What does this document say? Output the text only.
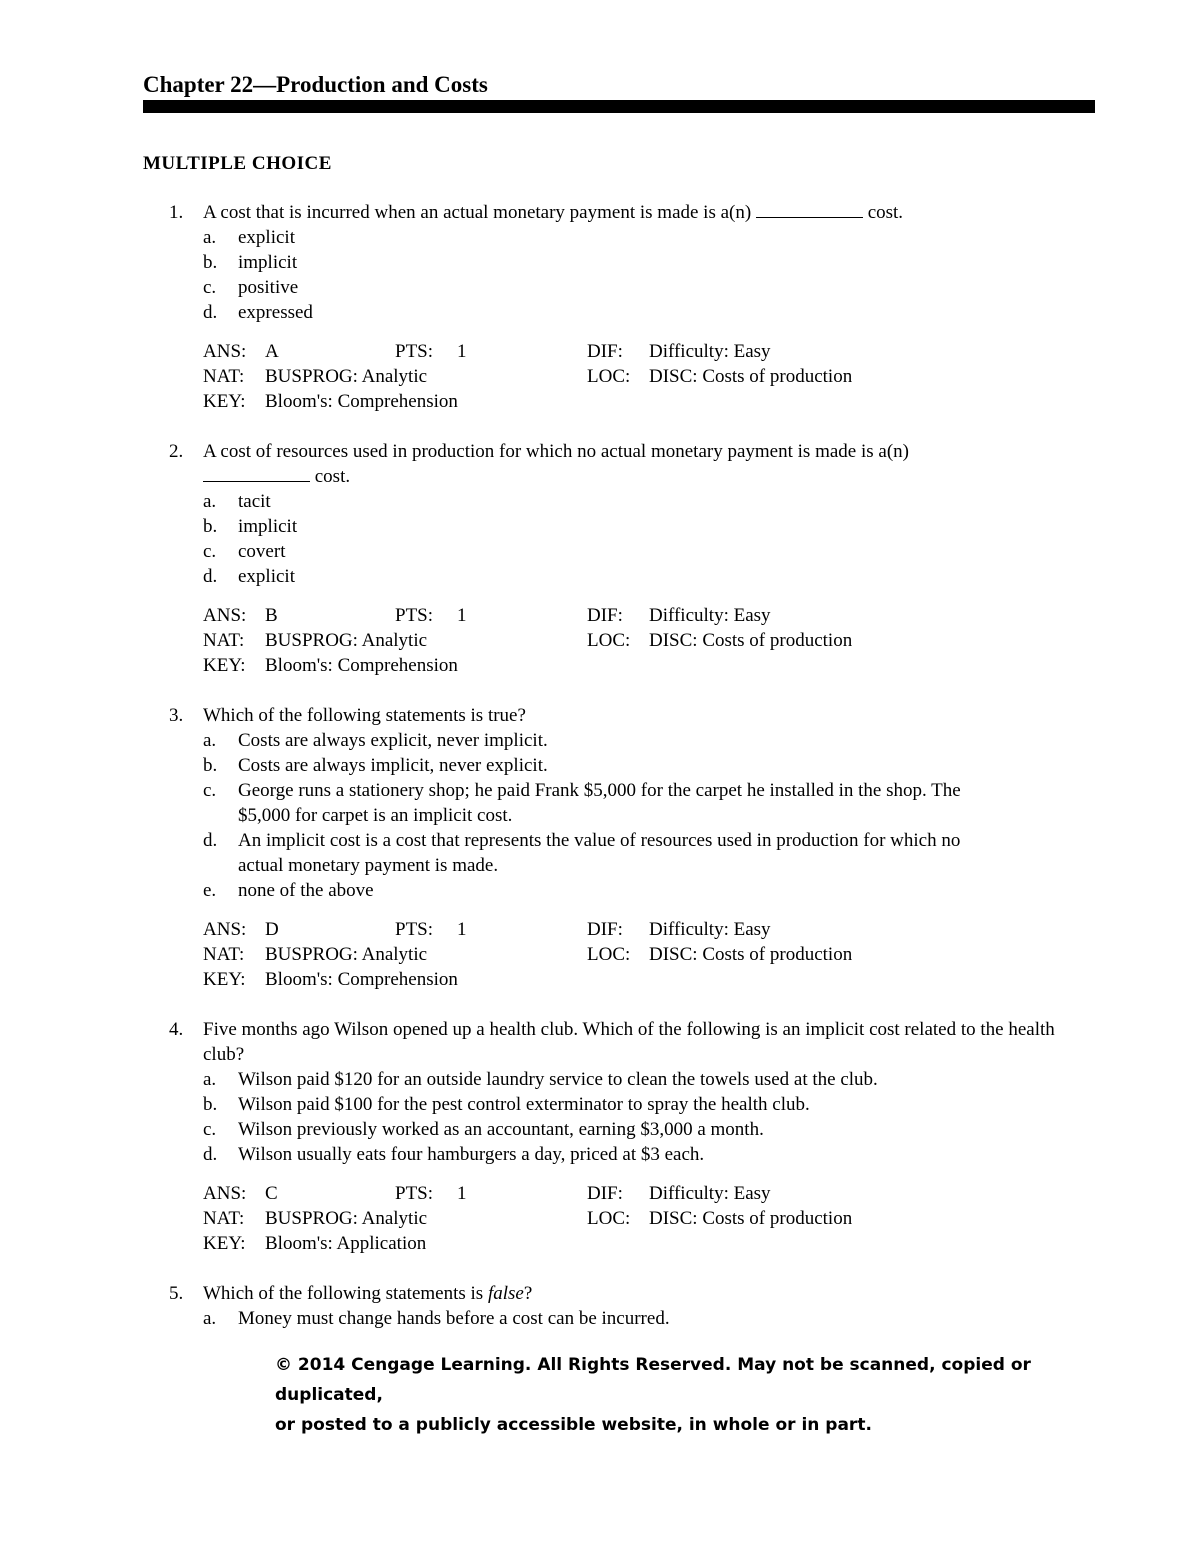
Chapter 22—Production and Costs
MULTIPLE CHOICE
1. A cost that is incurred when an actual monetary payment is made is a(n)	cost.

a. explicit
b. implicit
c. positive
d. expressed
ANS: A	PTS:	1	DIF:	Difficulty: Easy
NAT:	BUSPROG: Analytic	LOC: DISC: Costs of production
KEY:	Bloom's: Comprehension
2. A cost of resources used in production for which no actual monetary payment is made is a(n)
cost.

a. tacit
b. implicit
c. covert
d. explicit
ANS: B	PTS:	1	DIF:	Difficulty: Easy
NAT:	BUSPROG: Analytic	LOC: DISC: Costs of production
KEY:	Bloom's: Comprehension
3. Which of the following statements is true?

a. Costs are always explicit, never implicit.
b. Costs are always implicit, never explicit.
c. George runs a stationery shop; he paid Frank $5,000 for the carpet he installed in the shop. The $5,000 for carpet is an implicit cost.
d. An implicit cost is a cost that represents the value of resources used in production for which no actual monetary payment is made.
e. none of the above
ANS: D	PTS:	1	DIF:	Difficulty: Easy
NAT:	BUSPROG: Analytic	LOC: DISC: Costs of production
KEY:	Bloom's: Comprehension
4. Five months ago Wilson opened up a health club. Which of the following is an implicit cost related to the health club?

a. Wilson paid $120 for an outside laundry service to clean the towels used at the club.
b. Wilson paid $100 for the pest control exterminator to spray the health club.
c. Wilson previously worked as an accountant, earning $3,000 a month.
d. Wilson usually eats four hamburgers a day, priced at $3 each.
ANS: C	PTS:	1	DIF:	Difficulty: Easy
NAT:	BUSPROG: Analytic	LOC: DISC: Costs of production
KEY:	Bloom's: Application
5. Which of the following statements is false?

a. Money must change hands before a cost can be incurred.
© 2014 Cengage Learning. All Rights Reserved. May not be scanned, copied or duplicated,
or posted to a publicly accessible website, in whole or in part.
